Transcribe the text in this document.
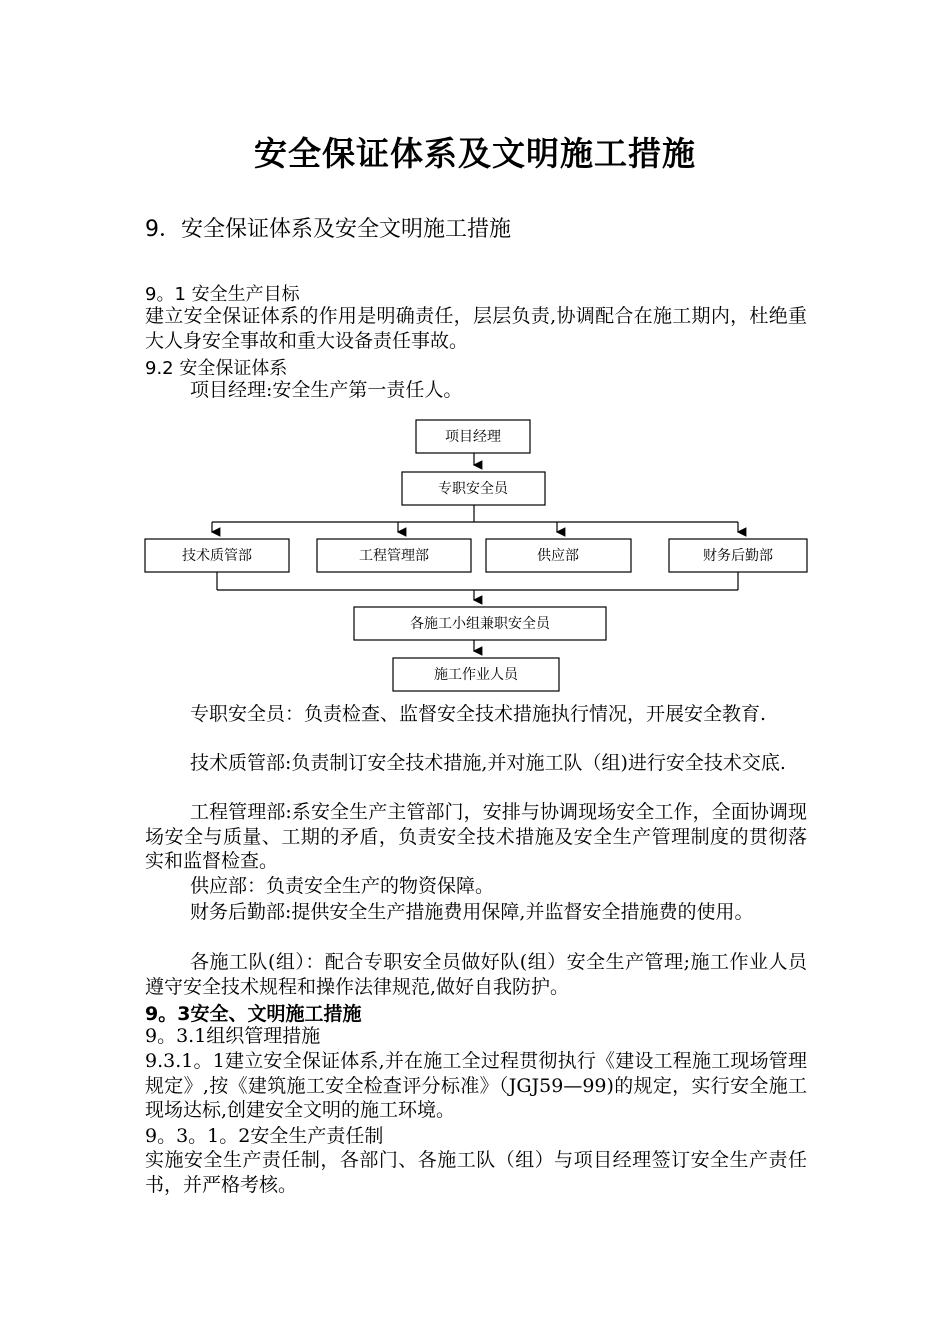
安全保证体系及文明施工措施
9．安全保证体系及安全文明施工措施
9。1 安全生产目标
建立安全保证体系的作用是明确责任，层层负责,协调配合在施工期内，杜绝重大人身安全事故和重大设备责任事故。
9.2 安全保证体系
项目经理:安全生产第一责任人。
项目经理
专职安全员
技术质管部	工程管理部	供应部	财务后勤部
各施工小组兼职安全员
施工作业人员
专职安全员：负责检查、监督安全技术措施执行情况，开展安全教育.
技术质管部:负责制订安全技术措施,并对施工队（组)进行安全技术交底.
工程管理部:系安全生产主管部门，安排与协调现场安全工作，全面协调现场安全与质量、工期的矛盾，负责安全技术措施及安全生产管理制度的贯彻落实和监督检查。
供应部：负责安全生产的物资保障。
财务后勤部:提供安全生产措施费用保障,并监督安全措施费的使用。
各施工队(组）：配合专职安全员做好队(组）安全生产管理;施工作业人员遵守安全技术规程和操作法律规范,做好自我防护。
9。3安全、文明施工措施
9。3.1组织管理措施
9.3.1。1建立安全保证体系,并在施工全过程贯彻执行《建设工程施工现场管理规定》,按《建筑施工安全检查评分标准》（JGJ59—99)的规定，实行安全施工现场达标,创建安全文明的施工环境。
9。3。1。2安全生产责任制
实施安全生产责任制，各部门、各施工队（组）与项目经理签订安全生产责任书，并严格考核。
